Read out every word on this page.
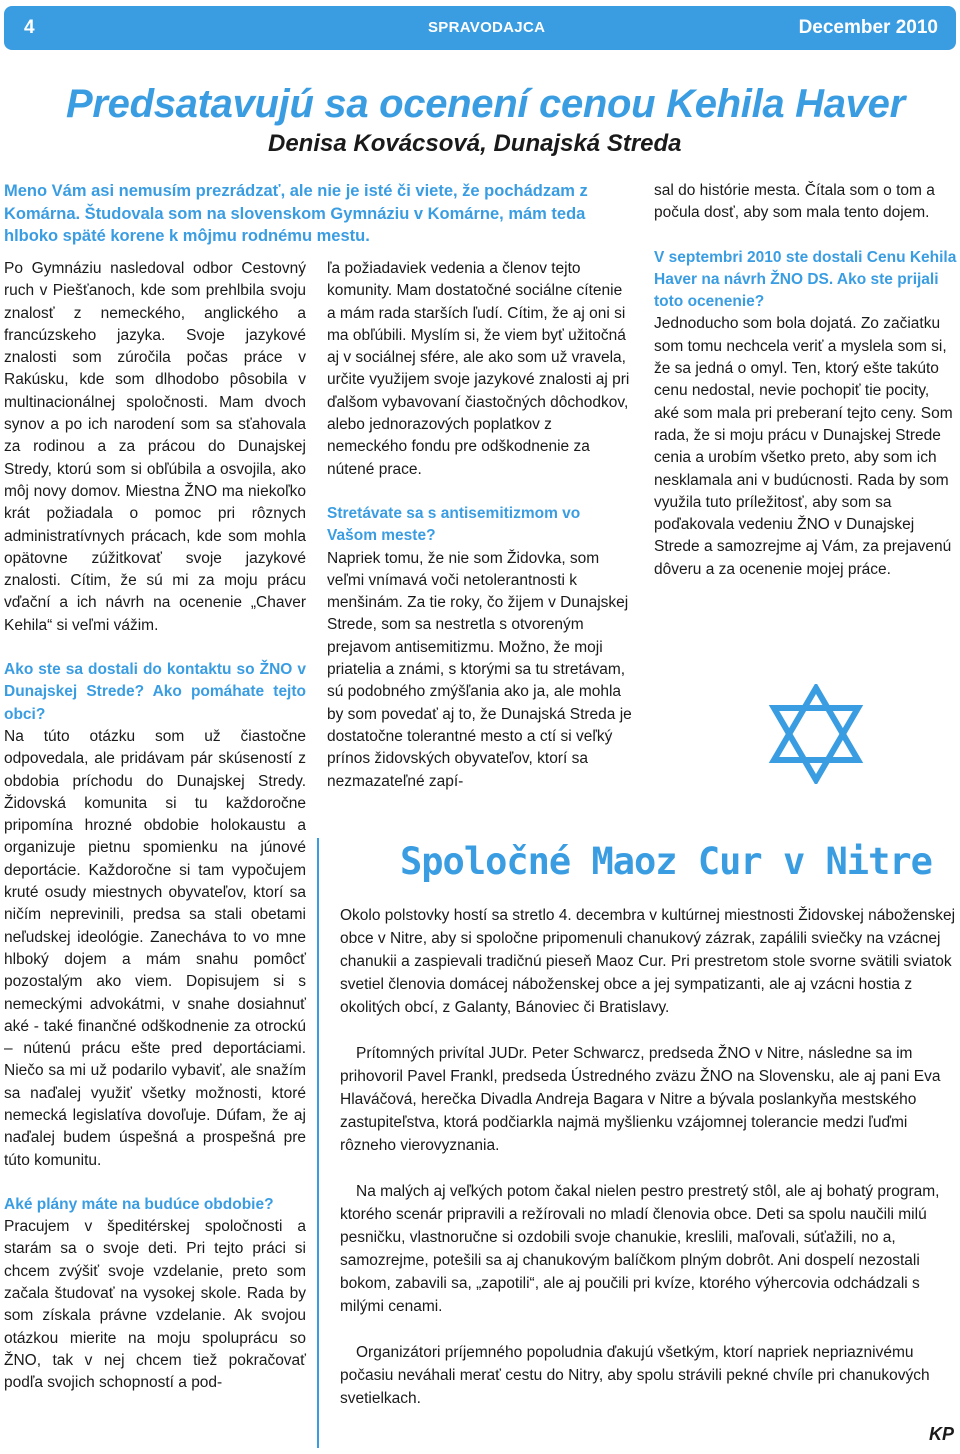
4	SPRAVODAJCA	December 2010
Predsatavujú sa ocenení cenou Kehila Haver
Denisa Kovácsová, Dunajská Streda
Meno Vám asi nemusím prezrádzať, ale nie je isté či viete, že pochádzam z Komárna. Študovala som na slovenskom Gymnáziu v Komárne, mám teda hlboko späté korene k môjmu rodnému mestu.

Po Gymnáziu nasledoval odbor Cestovný ruch v Piešťanoch, kde som prehlbila svoju znalosť z nemeckého, anglického a francúzskeho jazyka. Svoje jazykové znalosti som zúročila počas práce v Rakúsku, kde som dlhodobo pôsobila v multinacionálnej spoločnosti. Mam dvoch synov a po ich narodení som sa sťahovala za rodinou a za prácou do Dunajskej Stredy, ktorú som si obľúbila a osvojila, ako môj novy domov. Miestna ŽNO ma niekoľko krát požiadala o pomoc pri rôznych administratívnych prácach, kde som mohla opätovne zúžitkovať svoje jazykové znalosti. Cítim, že sú mi za moju prácu vďační a ich návrh na ocenenie „Chaver Kehila“ si veľmi vážim.

Ako ste sa dostali do kontaktu so ŽNO v Dunajskej Strede? Ako pomáhate tejto obci?

Na túto otázku som už čiastočne odpovedala, ale pridávam pár skúseností z obdobia príchodu do Dunajskej Stredy. Židovská komunita si tu každoročne pripomína hrozné obdobie holokaustu a organizuje pietnu spomienku na júnové deportácie. Každoročne si tam vypočujem kruté osudy miestnych obyvateľov, ktorí sa ničím neprevinili, predsa sa stali obetami neľudskej ideológie. Zanecháva to vo mne hlboký dojem a mám snahu pomôcť pozostalým ako viem. Dopisujem si s nemeckými advokátmi, v snahe dosiahnuť aké - také finančné odškodnenie za otrockú – nútenú prácu ešte pred deportáciami. Niečo sa mi už podarilo vybaviť, ale snažím sa naďalej využiť všetky možnosti, ktoré nemecká legislatíva dovoľuje. Dúfam, že aj naďalej budem úspešná a prospešná pre túto komunitu.

Aké plány máte na budúce obdobie?

Pracujem v špeditérskej spoločnosti a starám sa o svoje deti. Pri tejto práci si chcem zvýšiť svoje vzdelanie, preto som začala študovať na vysokej skole. Rada by som získala právne vzdelanie. Ak svojou otázkou mierite na moju spoluprácu so ŽNO, tak v nej chcem tiež pokračovať podľa svojich schopností a pod-

ľa požiadaviek vedenia a členov tejto komunity. Mam dostatočné sociálne cítenie a mám rada starších ľudí. Cítim, že aj oni si ma obľúbili. Myslím si, že viem byť užitočná aj v sociálnej sfére, ale ako som už vravela, určite využijem svoje jazykové znalosti aj pri ďalšom vybavovaní čiastočných dôchodkov, alebo jednorazových poplatkov z nemeckého fondu pre odškodnenie za nútené prace.

Stretávate sa s antisemitizmom vo Vašom meste?

Napriek tomu, že nie som Židovka, som veľmi vnímavá voči netolerantnosti k menšinám. Za tie roky, čo žijem v Dunajskej Strede, som sa nestretla s otvoreným prejavom antisemitizmu. Možno, že moji priatelia a známi, s ktorými sa tu stretávam, sú podobného zmýšľania ako ja, ale mohla by som povedať aj to, že Dunajská Streda je dostatočne tolerantné mesto a ctí si veľký prínos židovských obyvateľov, ktorí sa nezmazateľné zapí-

sal do histórie mesta. Čítala som o tom a počula dosť, aby som mala tento dojem.

V septembri 2010 ste dostali Cenu Kehila Haver na návrh ŽNO DS. Ako ste prijali toto ocenenie?

Jednoducho som bola dojatá. Zo začiatku som tomu nechcela veriť a myslela som si, že sa jedná o omyl. Ten, ktorý ešte takúto cenu nedostal, nevie pochopiť tie pocity, aké som mala pri preberaní tejto ceny. Som rada, že si moju prácu v Dunajskej Strede cenia a urobím všetko preto, aby som ich nesklamala ani v budúcnosti. Rada by som využila tuto príležitosť, aby som sa poďakovala vedeniu ŽNO v Dunajskej Strede a samozrejme aj Vám, za prejavenú dôveru a za ocenenie mojej práce.

Spoločné Maoz Cur v Nitre

Okolo polstovky hostí sa stretlo 4. decembra v kultúrnej miestnosti Židovskej náboženskej obce v Nitre, aby si spoločne pripomenuli chanukový zázrak, zapálili sviečky na vzácnej chanukii a zaspievali tradičnú pieseň Maoz Cur. Pri prestretom stole svorne svätili sviatok svetiel členovia domácej náboženskej obce a jej sympatizanti, ale aj vzácni hostia z okolitých obcí, z Galanty, Bánoviec či Bratislavy.

Prítomných privítal JUDr. Peter Schwarcz, predseda ŽNO v Nitre, následne sa im prihovoril Pavel Frankl, predseda Ústredného zväzu ŽNO na Slovensku, ale aj pani Eva Hlaváčová, herečka Divadla Andreja Bagara v Nitre a bývala poslankyňa mestského zastupiteľstva, ktorá podčiarkla najmä myšlienku vzájomnej tolerancie medzi ľuďmi rôzneho vierovyznania.

Na malých aj veľkých potom čakal nielen pestro prestretý stôl, ale aj bohatý program, ktorého scenár pripravili a režírovali no mladí členovia obce. Deti sa spolu naučili milú pesničku, vlastnoručne si ozdobili svoje chanukie, kreslili, maľovali, súťažili, no a, samozrejme, potešili sa aj chanukovým balíčkom plným dobrôt. Ani dospelí nezostali bokom, zabavili sa, „zapotili“, ale aj poučili pri kvíze, ktorého výhercovia odchádzali s milými cenami.

Organizátori príjemného popoludnia ďakujú všetkým, ktorí napriek nepriaznivému počasiu neváhali merať cestu do Nitry, aby spolu strávili pekné chvíle pri chanukových svetielkach.

KP
